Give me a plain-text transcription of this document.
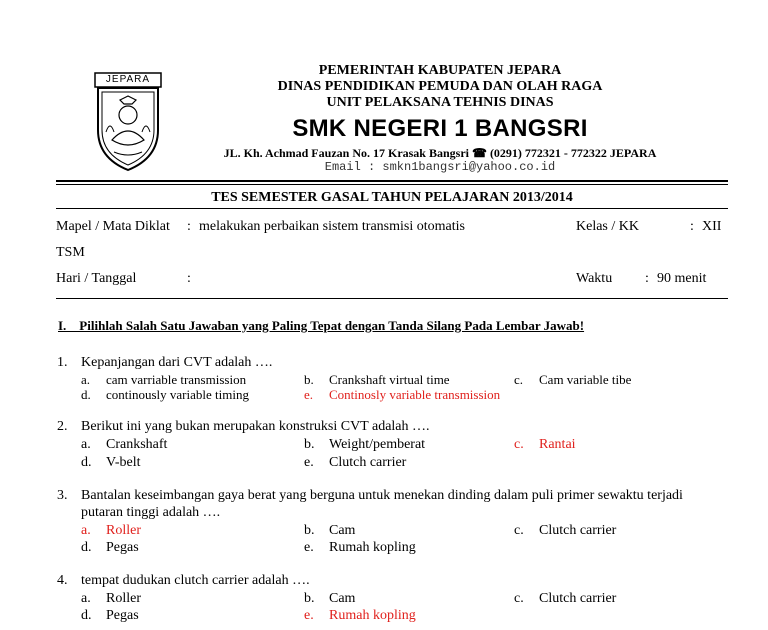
JEPARA
PEMERINTAH KABUPATEN JEPARA
DINAS PENDIDIKAN PEMUDA DAN OLAH RAGA
UNIT PELAKSANA TEHNIS DINAS
SMK NEGERI 1 BANGSRI
JL. Kh. Achmad Fauzan No. 17 Krasak Bangsri ☎ (0291) 772321 - 772322 JEPARA
Email : smkn1bangsri@yahoo.co.id
TES SEMESTER GASAL TAHUN PELAJARAN 2013/2014
Mapel / Mata Diklat : melakukan perbaikan sistem transmisi otomatis	Kelas / KK	: XII
TSM
Hari / Tanggal	:	Waktu : 90 menit
I.    Pilihlah Salah Satu Jawaban yang Paling Tepat dengan Tanda Silang Pada Lembar Jawab!
1. Kepanjangan dari CVT adalah ….
a. cam varriable transmission	b. Crankshaft virtual time	c. Cam variable tibe
d. continously variable timing	e. Continosly variable transmission
2. Berikut ini yang bukan merupakan konstruksi CVT adalah ….
a. Crankshaft	b. Weight/pemberat	c. Rantai
d. V-belt	e. Clutch carrier
3. Bantalan keseimbangan gaya berat yang berguna untuk menekan dinding dalam puli primer sewaktu terjadi
putaran tinggi adalah ….
a. Roller	b. Cam	c. Clutch carrier
d. Pegas	e. Rumah kopling
4. tempat dudukan clutch carrier adalah ….
a. Roller	b. Cam	c. Clutch carrier
d. Pegas	e. Rumah kopling
